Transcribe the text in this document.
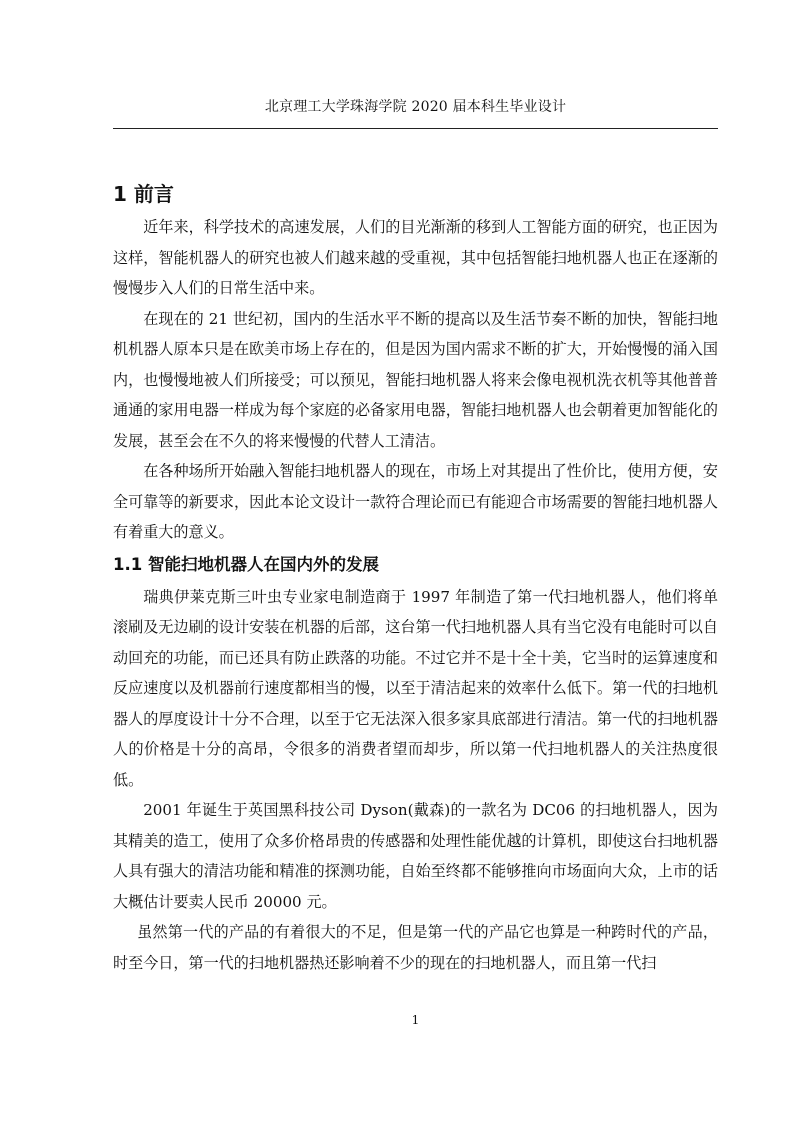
北京理工大学珠海学院 2020 届本科生毕业设计
1 前言

近年来，科学技术的高速发展，人们的目光渐渐的移到人工智能方面的研究，也正因为这样，智能机器人的研究也被人们越来越的受重视，其中包括智能扫地机器人也正在逐渐的慢慢步入人们的日常生活中来。

在现在的 21 世纪初，国内的生活水平不断的提高以及生活节奏不断的加快，智能扫地机机器人原本只是在欧美市场上存在的，但是因为国内需求不断的扩大，开始慢慢的涌入国内，也慢慢地被人们所接受；可以预见，智能扫地机器人将来会像电视机洗衣机等其他普普通通的家用电器一样成为每个家庭的必备家用电器，智能扫地机器人也会朝着更加智能化的发展，甚至会在不久的将来慢慢的代替人工清洁。

在各种场所开始融入智能扫地机器人的现在，市场上对其提出了性价比，使用方便，安全可靠等的新要求，因此本论文设计一款符合理论而已有能迎合市场需要的智能扫地机器人有着重大的意义。

1.1 智能扫地机器人在国内外的发展

瑞典伊莱克斯三叶虫专业家电制造商于 1997 年制造了第一代扫地机器人，他们将单滚刷及无边刷的设计安装在机器的后部，这台第一代扫地机器人具有当它没有电能时可以自动回充的功能，而已还具有防止跌落的功能。不过它并不是十全十美，它当时的运算速度和反应速度以及机器前行速度都相当的慢，以至于清洁起来的效率什么低下。第一代的扫地机器人的厚度设计十分不合理，以至于它无法深入很多家具底部进行清洁。第一代的扫地机器人的价格是十分的高昂，令很多的消费者望而却步，所以第一代扫地机器人的关注热度很低。

2001 年诞生于英国黑科技公司 Dyson(戴森)的一款名为 DC06 的扫地机器人，因为其精美的造工，使用了众多价格昂贵的传感器和处理性能优越的计算机，即使这台扫地机器人具有强大的清洁功能和精准的探测功能，自始至终都不能够推向市场面向大众，上市的话大概估计要卖人民币 20000 元。

虽然第一代的产品的有着很大的不足，但是第一代的产品它也算是一种跨时代的产品，时至今日，第一代的扫地机器热还影响着不少的现在的扫地机器人，而且第一代扫

1
